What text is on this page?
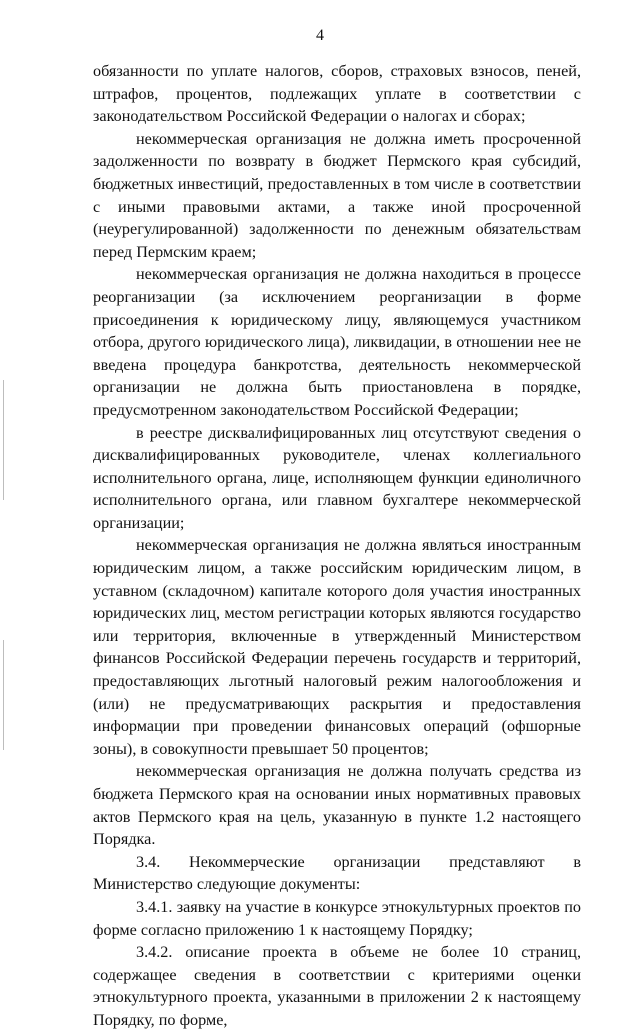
4

обязанности по уплате налогов, сборов, страховых взносов, пеней, штрафов, процентов, подлежащих уплате в соответствии с законодательством Российской Федерации о налогах и сборах;

некоммерческая организация не должна иметь просроченной задолженности по возврату в бюджет Пермского края субсидий, бюджетных инвестиций, предоставленных в том числе в соответствии с иными правовыми актами, а также иной просроченной (неурегулированной) задолженности по денежным обязательствам перед Пермским краем;

некоммерческая организация не должна находиться в процессе реорганизации (за исключением реорганизации в форме присоединения к юридическому лицу, являющемуся участником отбора, другого юридического лица), ликвидации, в отношении нее не введена процедура банкротства, деятельность некоммерческой организации не должна быть приостановлена в порядке, предусмотренном законодательством Российской Федерации;

в реестре дисквалифицированных лиц отсутствуют сведения о дисквалифицированных руководителе, членах коллегиального исполнительного органа, лице, исполняющем функции единоличного исполнительного органа, или главном бухгалтере некоммерческой организации;

некоммерческая организация не должна являться иностранным юридическим лицом, а также российским юридическим лицом, в уставном (складочном) капитале которого доля участия иностранных юридических лиц, местом регистрации которых являются государство или территория, включенные в утвержденный Министерством финансов Российской Федерации перечень государств и территорий, предоставляющих льготный налоговый режим налогообложения и (или) не предусматривающих раскрытия и предоставления информации при проведении финансовых операций (офшорные зоны), в совокупности превышает 50 процентов;

некоммерческая организация не должна получать средства из бюджета Пермского края на основании иных нормативных правовых актов Пермского края на цель, указанную в пункте 1.2 настоящего Порядка.

3.4. Некоммерческие организации представляют в Министерство следующие документы:

3.4.1. заявку на участие в конкурсе этнокультурных проектов по форме согласно приложению 1 к настоящему Порядку;

3.4.2. описание проекта в объеме не более 10 страниц, содержащее сведения в соответствии с критериями оценки этнокультурного проекта, указанными в приложении 2 к настоящему Порядку, по форме,
